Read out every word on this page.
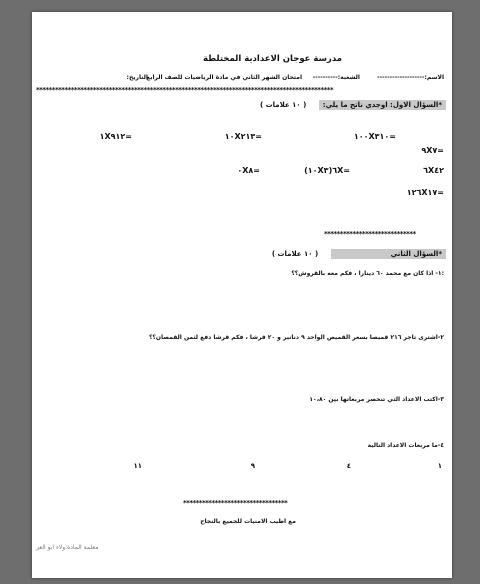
مدرسة عوجان الاعدادية المختلطة
الاسم:-------------------
الشعبة:----------
امتحان الشهر الثاني في مادة الرياضيات للصف الرابع
التاريخ:
**********************************************************************************************
*السؤال الاول: اوجدي ناتج ما يلي: ( ١٠ علامات )
=١٠٠X٣١٠
=١٠X٢١٣
=١X٩١٢
=٩X٧
=٦X(١٠X٣)
=٠X٨	٦X٤٢
=١٢٦X١٧
*****************************
*السؤال الثاني ( ١٠ علامات )
:١- اذا كان مع محمد ٦٠ دينارا ، فكم معه بالقروش؟؟
٢-اشترى تاجر ٢١٦ قميصا بسعر القميص الواحد ٩ دنانير و ٢٠ قرشا ، فكم قرشا دفع لثمن القمصان؟؟
٣-اكتب الاعداد التي تنحصر مربعاتها بين ١٠،٨٠
٤-ما مربعات الاعداد التالية
١
٤
٩
١١
*********************************
مع اطيب الامنيات للجميع بالنجاح
معلمة المادة:ولاء ابو العز
